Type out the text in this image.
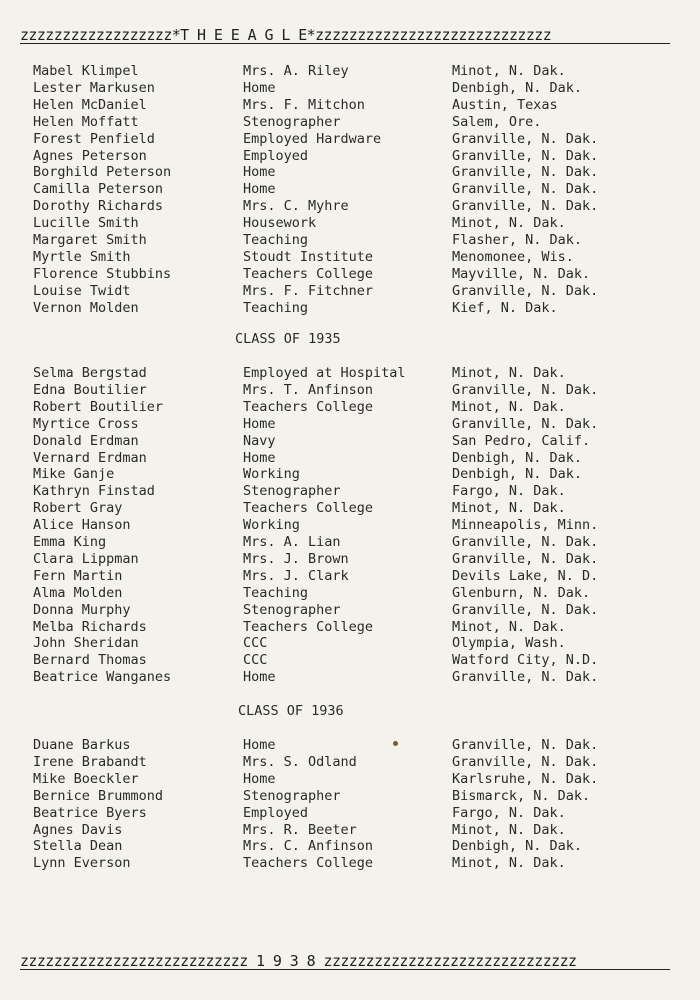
zzzzzzzzzzzzzzzzzz*T H E E A G L E*zzzzzzzzzzzzzzzzzzzzzzzzzzzz
Mabel Klimpel	Mrs. A. Riley	Minot, N. Dak.
Lester Markusen	Home	Denbigh, N. Dak.
Helen McDaniel	Mrs. F. Mitchon	Austin, Texas
Helen Moffatt	Stenographer	Salem, Ore.
Forest Penfield	Employed Hardware	Granville, N. Dak.
Agnes Peterson	Employed	Granville, N. Dak.
Borghild Peterson	Home	Granville, N. Dak.
Camilla Peterson	Home	Granville, N. Dak.
Dorothy Richards	Mrs. C. Myhre	Granville, N. Dak.
Lucille Smith	Housework	Minot, N. Dak.
Margaret Smith	Teaching	Flasher, N. Dak.
Myrtle Smith	Stoudt Institute	Menomonee, Wis.
Florence Stubbins	Teachers College	Mayville, N. Dak.
Louise Twidt	Mrs. F. Fitchner	Granville, N. Dak.
Vernon Molden	Teaching	Kief, N. Dak.
CLASS OF 1935
Selma Bergstad	Employed at Hospital	Minot, N. Dak.
Edna Boutilier	Mrs. T. Anfinson	Granville, N. Dak.
Robert Boutilier	Teachers College	Minot, N. Dak.
Myrtice Cross	Home	Granville, N. Dak.
Donald Erdman	Navy	San Pedro, Calif.
Vernard Erdman	Home	Denbigh, N. Dak.
Mike Ganje	Working	Denbigh, N. Dak.
Kathryn Finstad	Stenographer	Fargo, N. Dak.
Robert Gray	Teachers College	Minot, N. Dak.
Alice Hanson	Working	Minneapolis, Minn.
Emma King	Mrs. A. Lian	Granville, N. Dak.
Clara Lippman	Mrs. J. Brown	Granville, N. Dak.
Fern Martin	Mrs. J. Clark	Devils Lake, N. D.
Alma Molden	Teaching	Glenburn, N. Dak.
Donna Murphy	Stenographer	Granville, N. Dak.
Melba Richards	Teachers College	Minot, N. Dak.
John Sheridan	CCC	Olympia, Wash.
Bernard Thomas	CCC	Watford City, N.D.
Beatrice Wanganes	Home	Granville, N. Dak.
CLASS OF 1936
Duane Barkus	Home	Granville, N. Dak.
Irene Brabandt	Mrs. S. Odland	Granville, N. Dak.
Mike Boeckler	Home	Karlsruhe, N. Dak.
Bernice Brummond	Stenographer	Bismarck, N. Dak.
Beatrice Byers	Employed	Fargo, N. Dak.
Agnes Davis	Mrs. R. Beeter	Minot, N. Dak.
Stella Dean	Mrs. C. Anfinson	Denbigh, N. Dak.
Lynn Everson	Teachers College	Minot, N. Dak.
zzzzzzzzzzzzzzzzzzzzzzzzzzz 1 9 3 8 zzzzzzzzzzzzzzzzzzzzzzzzzzzzzz
